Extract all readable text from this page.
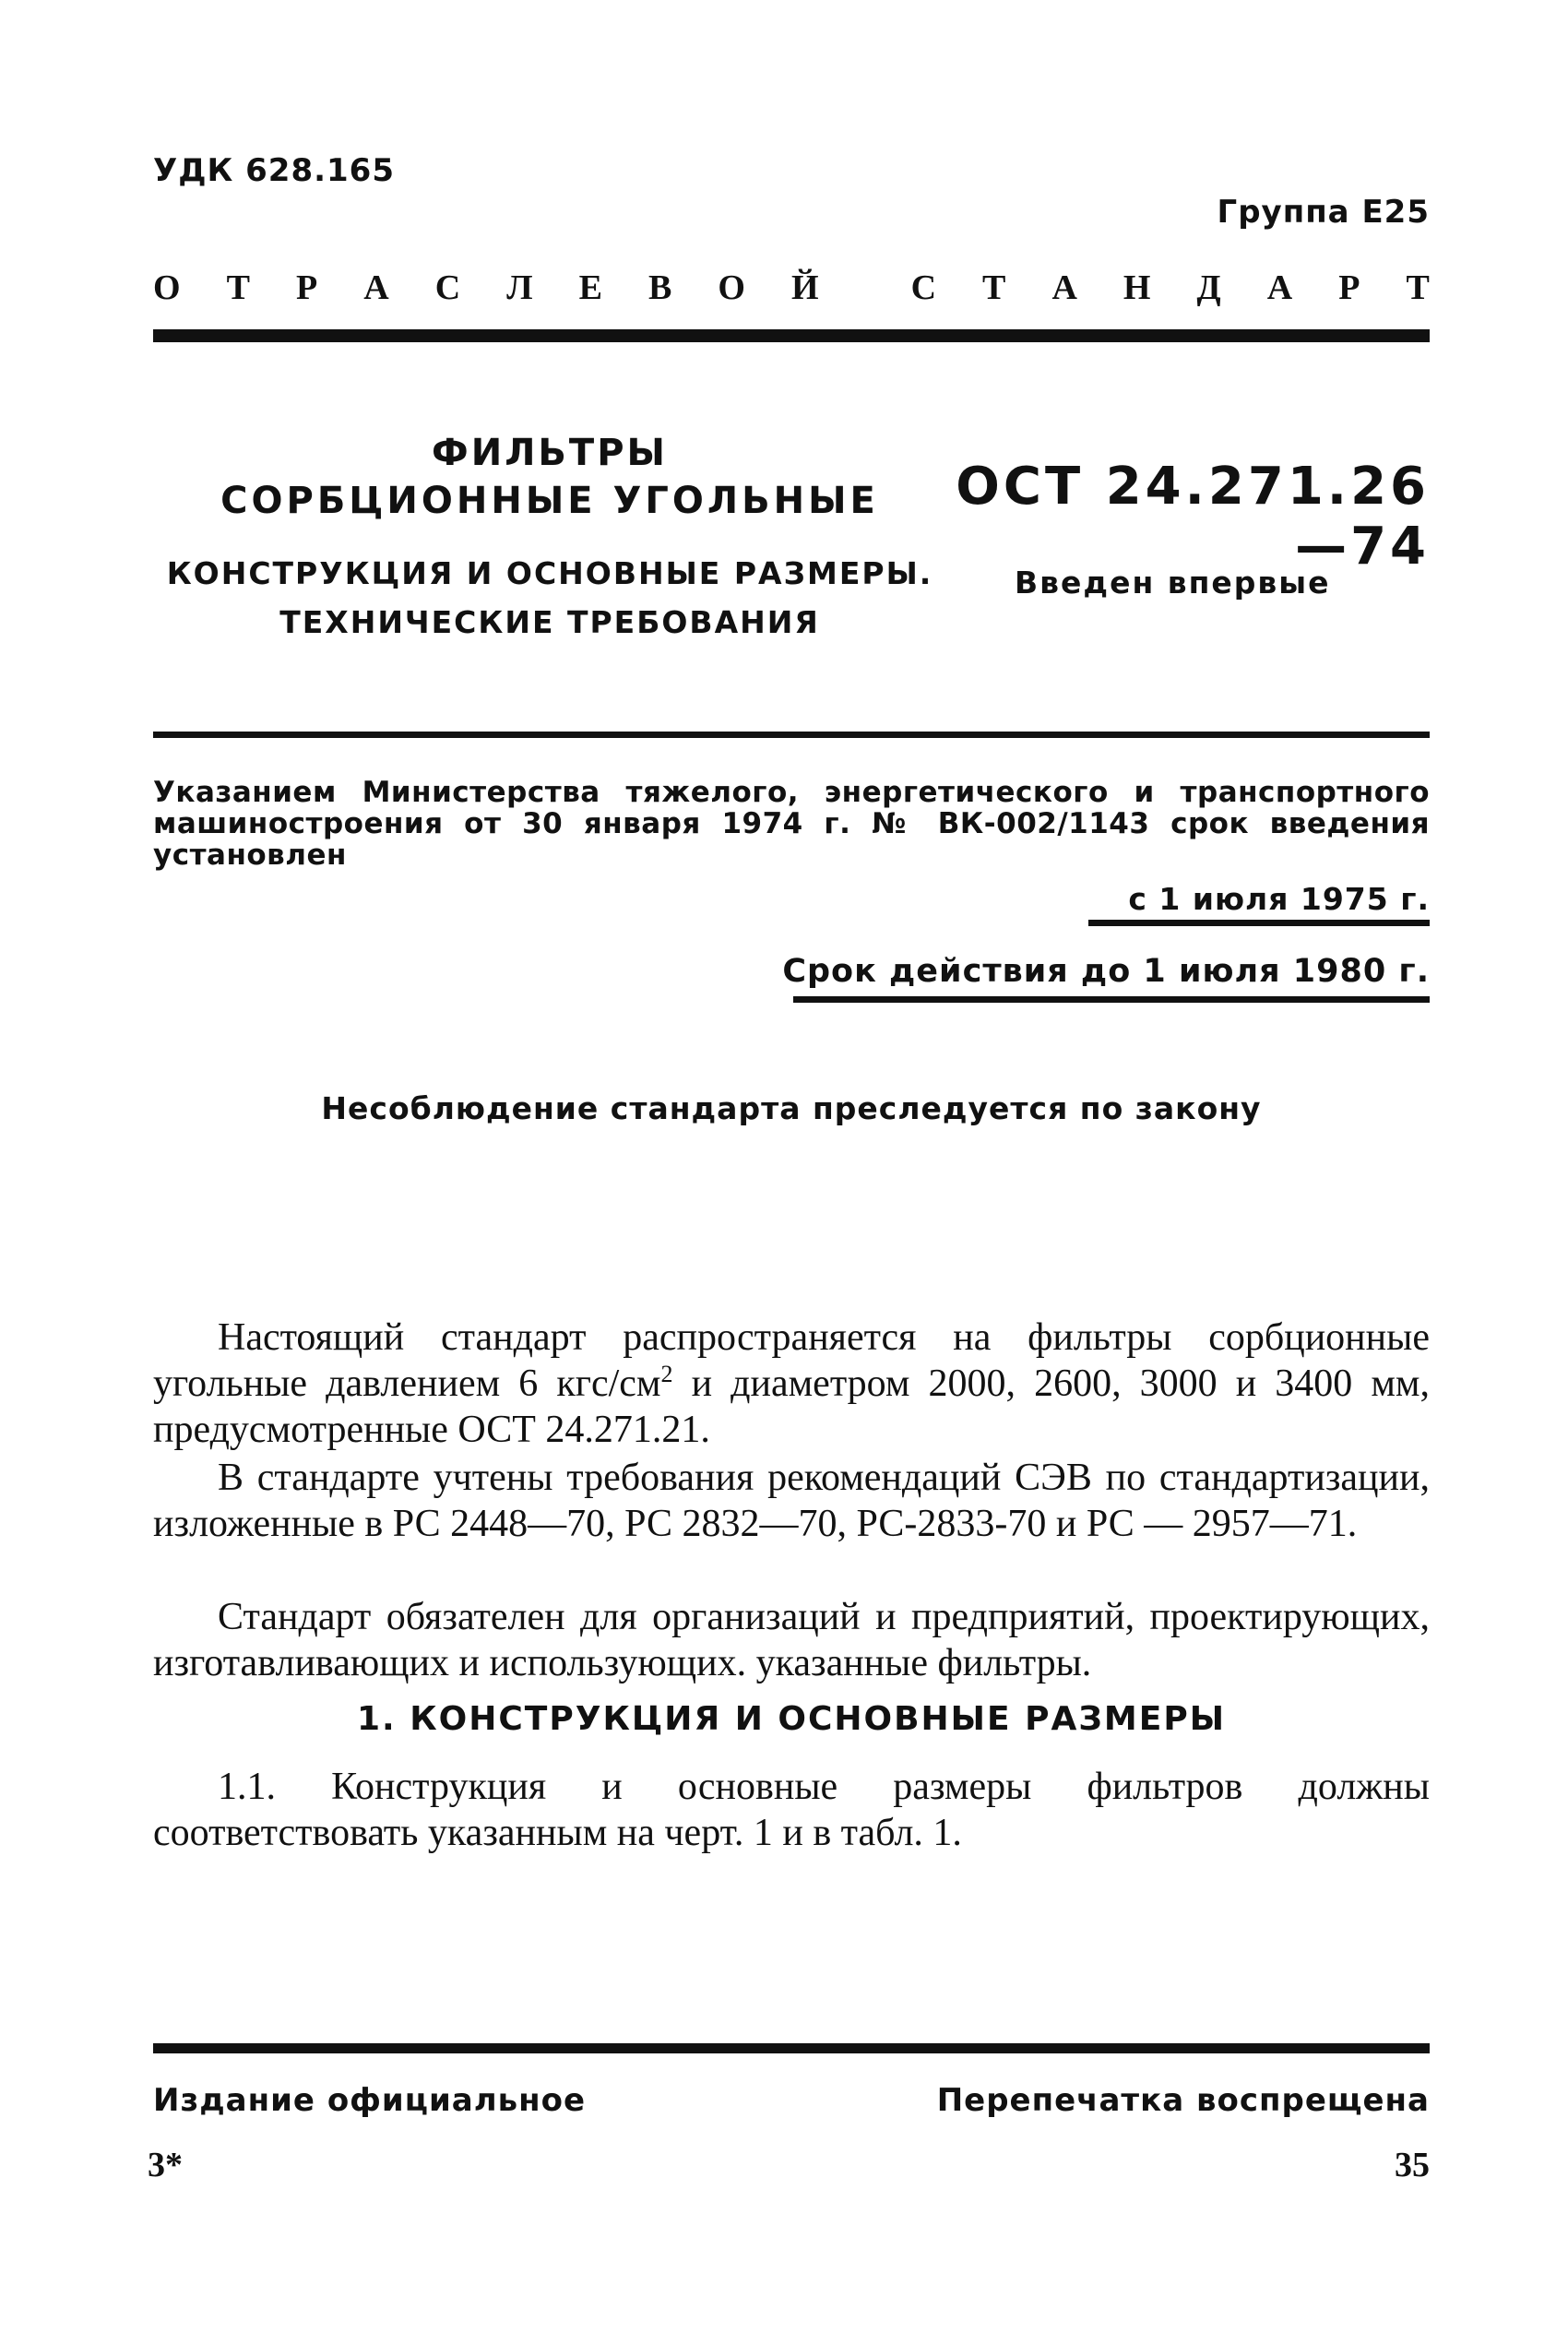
УДК 628.165
Группа Е25
О Т Р А С Л Е В О Й	С Т А Н Д А Р Т
ФИЛЬТРЫ
СОРБЦИОННЫЕ УГОЛЬНЫЕ
КОНСТРУКЦИЯ И ОСНОВНЫЕ РАЗМЕРЫ.
ТЕХНИЧЕСКИЕ ТРЕБОВАНИЯ
ОСТ 24.271.26—74
Введен впервые
Указанием Министерства тяжелого, энергетического и транспортного машиностроения от 30 января 1974 г. № ВК-002/1143 срок введения установлен
с 1 июля 1975 г.
Срок действия до 1 июля 1980 г.
Несоблюдение стандарта преследуется по закону

Настоящий стандарт распространяется на фильтры сорбционные угольные давлением 6 кгс/$см^2$ и диаметром 2000, 2600, 3000 и 3400 мм, предусмотренные ОСТ 24.271.21.

В стандарте учтены требования рекомендаций СЭВ по стандартизации, изложенные в РС 2448—70, РС 2832—70, РС-2833-70 и РС — 2957—71.

Стандарт обязателен для организаций и предприятий, проектирующих, изготавливающих и использующих. указанные фильтры.

1. КОНСТРУКЦИЯ И ОСНОВНЫЕ РАЗМЕРЫ

1.1. Конструкция и основные размеры фильтров должны соответствовать указанным на черт. 1 и в табл. 1.

Издание официальное	Перепечатка воспрещена
3*	35
